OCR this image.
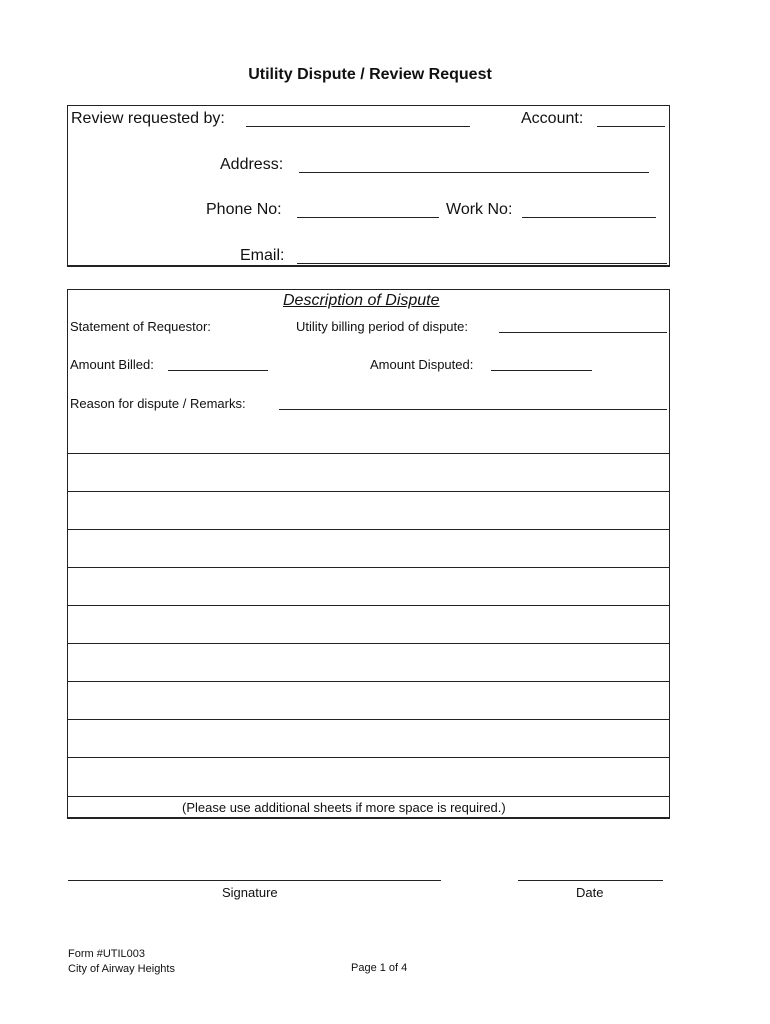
Utility Dispute / Review Request
Review requested by:	Account:
Address:
Phone No:	Work No:
Email:
Description of Dispute
Statement of Requestor:	Utility billing period of dispute:
Amount Billed:	Amount Disputed:
Reason for dispute / Remarks:
(Please use additional sheets if more space is required.)
Signature	Date
Form #UTIL003
City of Airway Heights	Page 1 of 4
